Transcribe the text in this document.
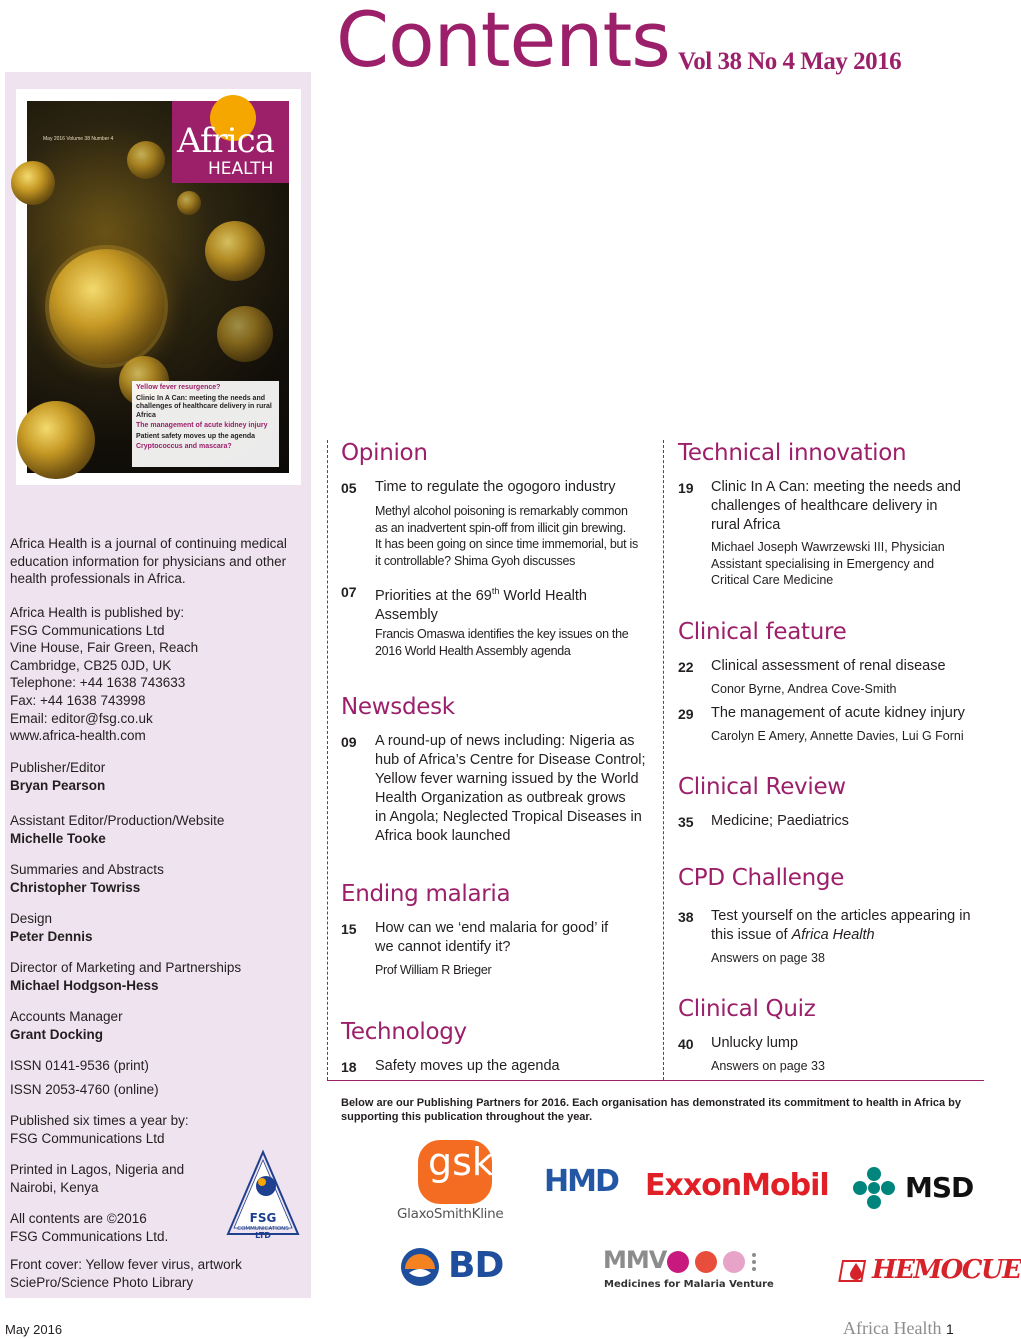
Contents Vol 38 No 4 May 2016
May 2016 Volume 38 Number 4 Africa
HEALTH
Yellow fever resurgence?
Clinic In A Can: meeting the needs and challenges of healthcare delivery in rural Africa
The management of acute kidney injury
Patient safety moves up the agenda
Cryptococcus and mascara?
Africa Health is a journal of continuing medical education information for physicians and other health professionals in Africa.
Africa Health is published by:
FSG Communications Ltd
Vine House, Fair Green, Reach
Cambridge, CB25 0JD, UK
Telephone: +44 1638 743633
Fax: +44 1638 743998
Email: editor@fsg.co.uk
www.africa-health.com
Publisher/Editor
Bryan Pearson
Assistant Editor/Production/Website
Michelle Tooke
Summaries and Abstracts
Christopher Towriss
Design
Peter Dennis
Director of Marketing and Partnerships
Michael Hodgson-Hess
Accounts Manager
Grant Docking
ISSN 0141-9536 (print)
ISSN 2053-4760 (online)
Published six times a year by:
FSG Communications Ltd
Printed in Lagos, Nigeria and
Nairobi, Kenya
All contents are ©2016
FSG Communications Ltd.
Front cover: Yellow fever virus, artwork
SciePro/Science Photo Library
FSG
COMMUNICATIONS
LTD
Opinion
05 Time to regulate the ogogoro industry
Methyl alcohol poisoning is remarkably common
as an inadvertent spin-off from illicit gin brewing.
It has been going on since time immemorial, but is
it controllable? Shima Gyoh discusses
07 Priorities at the 69th World Health
Assembly
Francis Omaswa identifies the key issues on the
2016 World Health Assembly agenda
Newsdesk
09 A round-up of news including: Nigeria as
hub of Africa’s Centre for Disease Control;
Yellow fever warning issued by the World
Health Organization as outbreak grows
in Angola; Neglected Tropical Diseases in
Africa book launched
Ending malaria
15 How can we ‘end malaria for good’ if
we cannot identify it?
Prof William R Brieger
Technology
18 Safety moves up the agenda
Technical innovation
19 Clinic In A Can: meeting the needs and
challenges of healthcare delivery in
rural Africa
Michael Joseph Wawrzewski III, Physician
Assistant specialising in Emergency and
Critical Care Medicine
Clinical feature
22 Clinical assessment of renal disease
Conor Byrne, Andrea Cove-Smith
29 The management of acute kidney injury
Carolyn E Amery, Annette Davies, Lui G Forni
Clinical Review
35 Medicine; Paediatrics
CPD Challenge
38 Test yourself on the articles appearing in
this issue of Africa Health
Answers on page 38
Clinical Quiz
40 Unlucky lump
Answers on page 33
Below are our Publishing Partners for 2016. Each organisation has demonstrated its commitment to health in Africa by supporting this publication throughout the year.
gsk
GlaxoSmithKline
HMD ExxonMobil	MSD
BD	MMV
Medicines for Malaria Venture	HEMOCUE
May 2016	Africa Health 1
